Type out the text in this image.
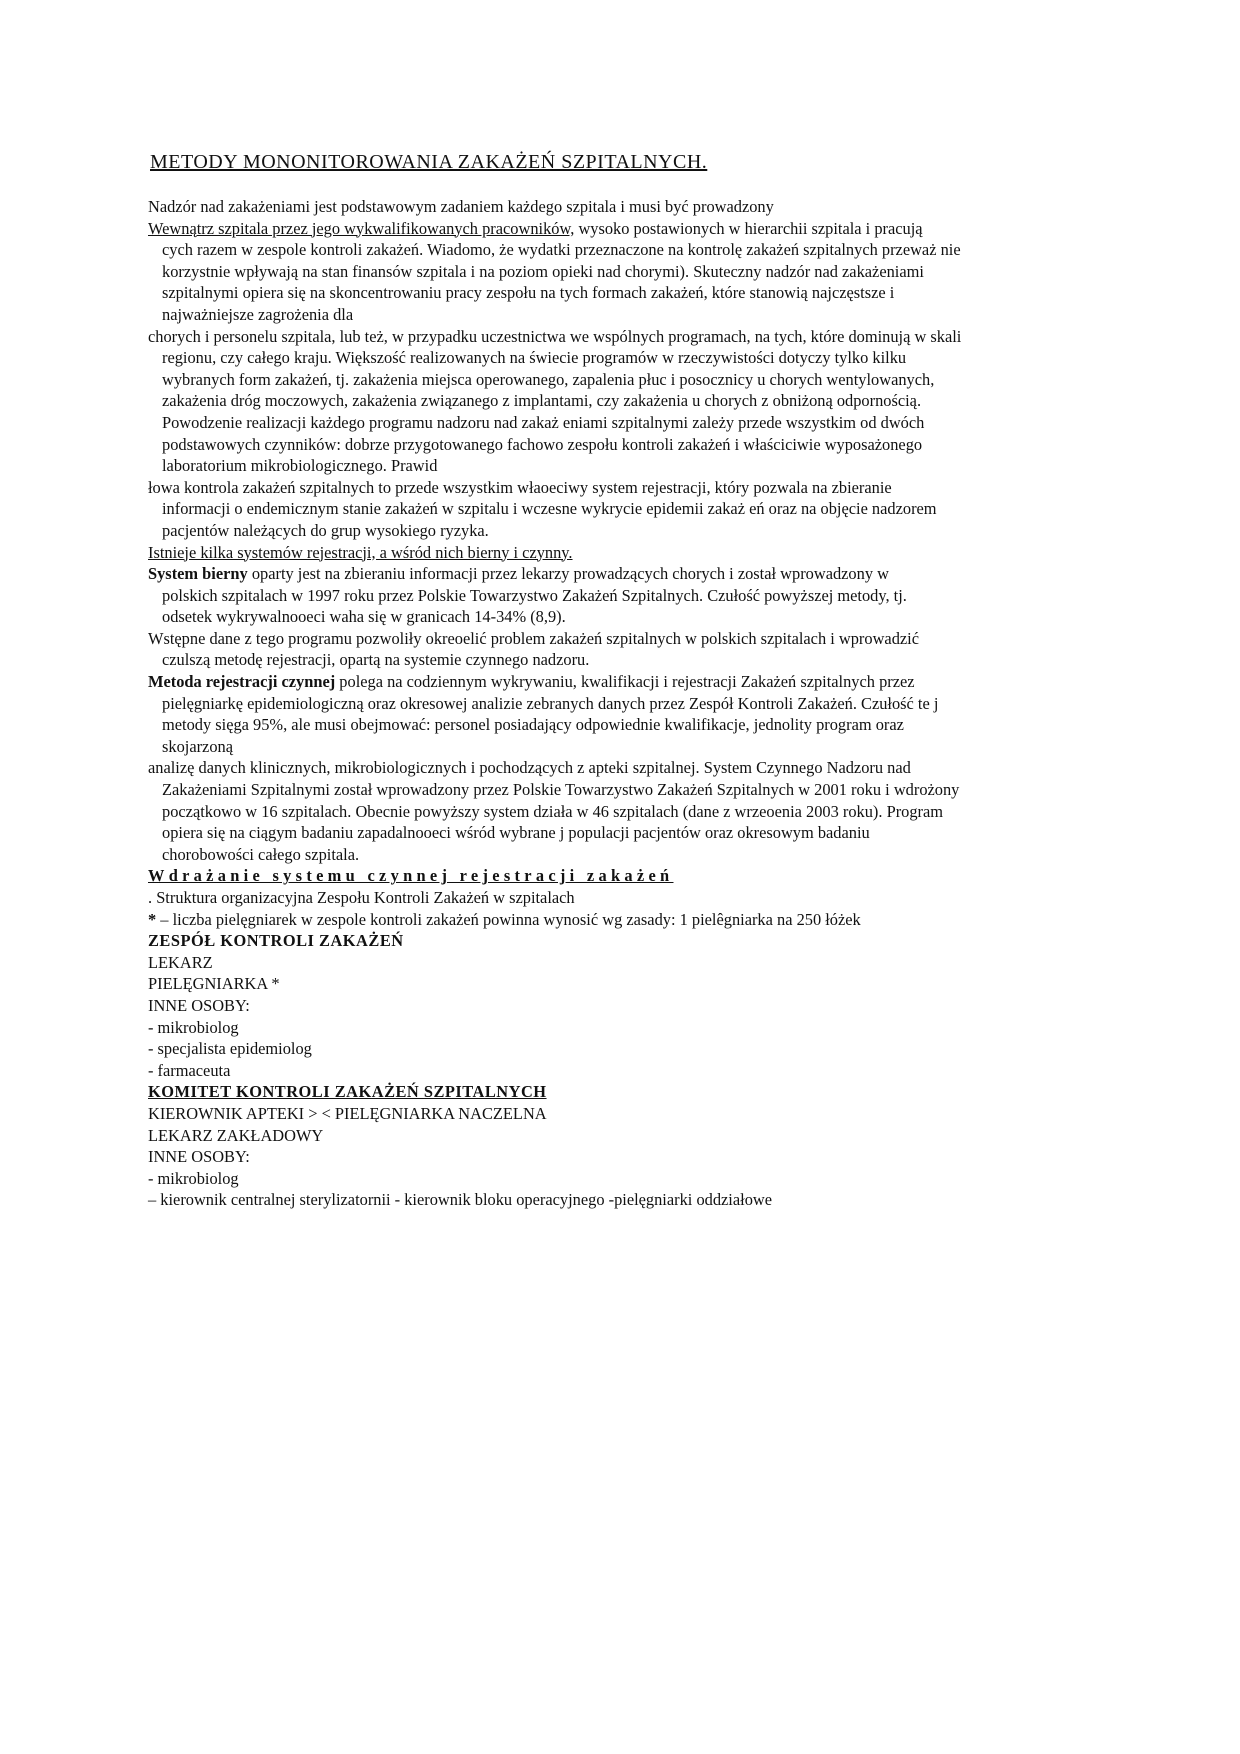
METODY MONONITOROWANIA ZAKAŻEŃ SZPITALNYCH.
Nadzór nad zakażeniami jest podstawowym zadaniem każdego szpitala i musi być prowadzony
Wewnątrz szpitala przez jego wykwalifikowanych pracowników, wysoko postawionych w hierarchii szpitala i pracują
cych razem w zespole kontroli zakażeń. Wiadomo, że wydatki przeznaczone na kontrolę zakażeń szpitalnych przeważ nie
korzystnie wpływają na stan finansów szpitala i na poziom opieki nad chorymi). Skuteczny nadzór nad zakażeniami
szpitalnymi opiera się na skoncentrowaniu pracy zespołu na tych formach zakażeń, które stanowią najczęstsze i
najważniejsze zagrożenia dla
chorych i personelu szpitala, lub też, w przypadku uczestnictwa we wspólnych programach, na tych, które dominują w skali
regionu, czy całego kraju. Większość realizowanych na świecie programów w rzeczywistości dotyczy tylko kilku
wybranych form zakażeń, tj. zakażenia miejsca operowanego, zapalenia płuc i posocznicy u chorych wentylowanych,
zakażenia dróg moczowych, zakażenia związanego z implantami, czy zakażenia u chorych z obniżoną odpornością.
Powodzenie realizacji każdego programu nadzoru nad zakaż eniami szpitalnymi zależy przede wszystkim od dwóch
podstawowych czynników: dobrze przygotowanego fachowo zespołu kontroli zakażeń i właściciwie wyposażonego
laboratorium mikrobiologicznego. Prawid
łowa kontrola zakażeń szpitalnych to przede wszystkim właoeciwy system rejestracji, który pozwala na zbieranie
informacji o endemicznym stanie zakażeń w szpitalu i wczesne wykrycie epidemii zakaż eń oraz na objęcie nadzorem
pacjentów należących do grup wysokiego ryzyka.
Istnieje kilka systemów rejestracji, a wśród nich bierny i czynny.
System bierny oparty jest na zbieraniu informacji przez lekarzy prowadzących chorych i został wprowadzony w
polskich szpitalach w 1997 roku przez Polskie Towarzystwo Zakażeń Szpitalnych. Czułość powyższej metody, tj.
odsetek wykrywalnooeci waha się w granicach 14-34% (8,9).
Wstępne dane z tego programu pozwoliły okreoelić problem zakażeń szpitalnych w polskich szpitalach i wprowadzić
czulszą metodę rejestracji, opartą na systemie czynnego nadzoru.
Metoda rejestracji czynnej polega na codziennym wykrywaniu, kwalifikacji i rejestracji Zakażeń szpitalnych przez
pielęgniarkę epidemiologiczną oraz okresowej analizie zebranych danych przez Zespół Kontroli Zakażeń. Czułość te j
metody sięga 95%, ale musi obejmować: personel posiadający odpowiednie kwalifikacje, jednolity program oraz
skojarzoną
analizę danych klinicznych, mikrobiologicznych i pochodzących z apteki szpitalnej. System Czynnego Nadzoru nad
Zakażeniami Szpitalnymi został wprowadzony przez Polskie Towarzystwo Zakażeń Szpitalnych w 2001 roku i wdrożony
początkowo w 16 szpitalach. Obecnie powyższy system działa w 46 szpitalach (dane z wrzeoenia 2003 roku). Program
opiera się na ciągym badaniu zapadalnooeci wśród wybrane j populacji pacjentów oraz okresowym badaniu
chorobowości całego szpitala.
Wdrażanie systemu czynnej rejestracji zakażeń
. Struktura organizacyjna Zespołu Kontroli Zakażeń w szpitalach
* – liczba pielęgniarek w zespole kontroli zakażeń powinna wynosić wg zasady: 1 pielêgniarka na 250 łóżek
ZESPÓŁ KONTROLI ZAKAŻEŃ
LEKARZ
PIELĘGNIARKA *
INNE OSOBY:
- mikrobiolog
- specjalista epidemiolog
- farmaceuta
KOMITET KONTROLI ZAKAŻEŃ SZPITALNYCH
KIEROWNIK APTEKI > < PIELĘGNIARKA NACZELNA
LEKARZ ZAKŁADOWY
INNE OSOBY:
- mikrobiolog
– kierownik centralnej sterylizatornii - kierownik bloku operacyjnego -pielęgniarki oddziałowe
